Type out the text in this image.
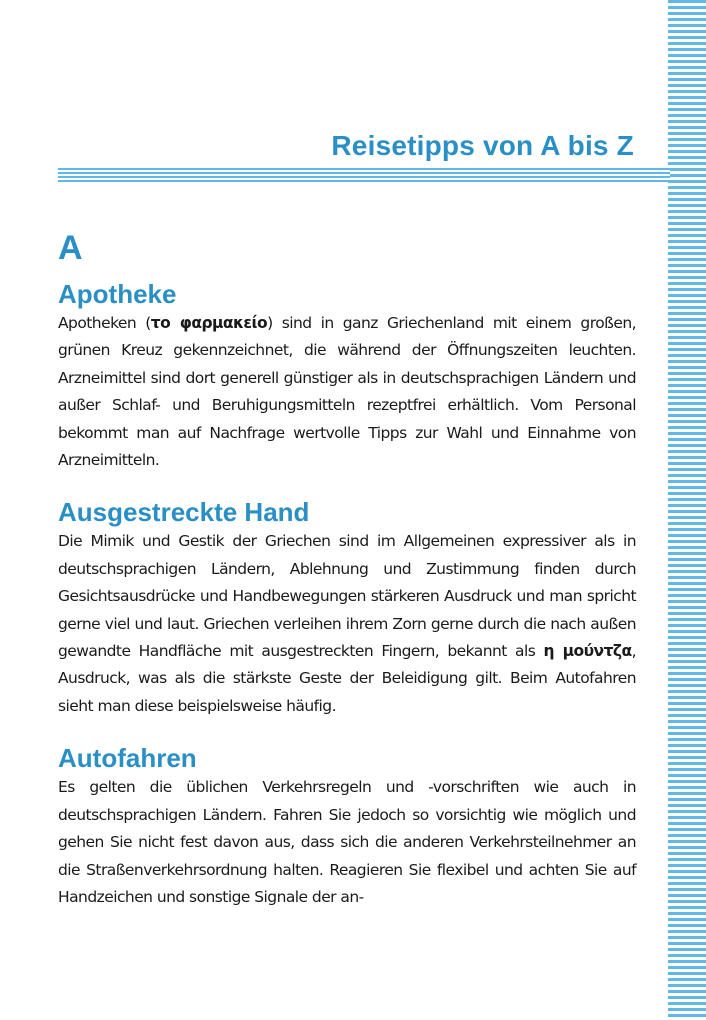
Reisetipps von A bis Z
A
Apotheke

Apotheken (το φαρμακείο) sind in ganz Griechenland mit einem großen, grünen Kreuz gekennzeichnet, die während der Öffnungszeiten leuchten. Arzneimittel sind dort generell günstiger als in deutschsprachigen Ländern und außer Schlaf- und Beruhigungsmitteln rezeptfrei erhältlich. Vom Personal bekommt man auf Nachfrage wertvolle Tipps zur Wahl und Einnahme von Arzneimitteln.

Ausgestreckte Hand

Die Mimik und Gestik der Griechen sind im Allgemeinen expressiver als in deutschsprachigen Ländern, Ablehnung und Zustimmung finden durch Gesichtsausdrücke und Handbewegungen stärkeren Ausdruck und man spricht gerne viel und laut. Griechen verleihen ihrem Zorn gerne durch die nach außen gewandte Handfläche mit ausgestreckten Fingern, bekannt als η μούντζα, Ausdruck, was als die stärkste Geste der Beleidigung gilt. Beim Autofahren sieht man diese beispielsweise häufig.

Autofahren

Es gelten die üblichen Verkehrsregeln und -vorschriften wie auch in deutschsprachigen Ländern. Fahren Sie jedoch so vorsichtig wie möglich und gehen Sie nicht fest davon aus, dass sich die anderen Verkehrsteilnehmer an die Straßenverkehrsordnung halten. Reagieren Sie flexibel und achten Sie auf Handzeichen und sonstige Signale der an-
